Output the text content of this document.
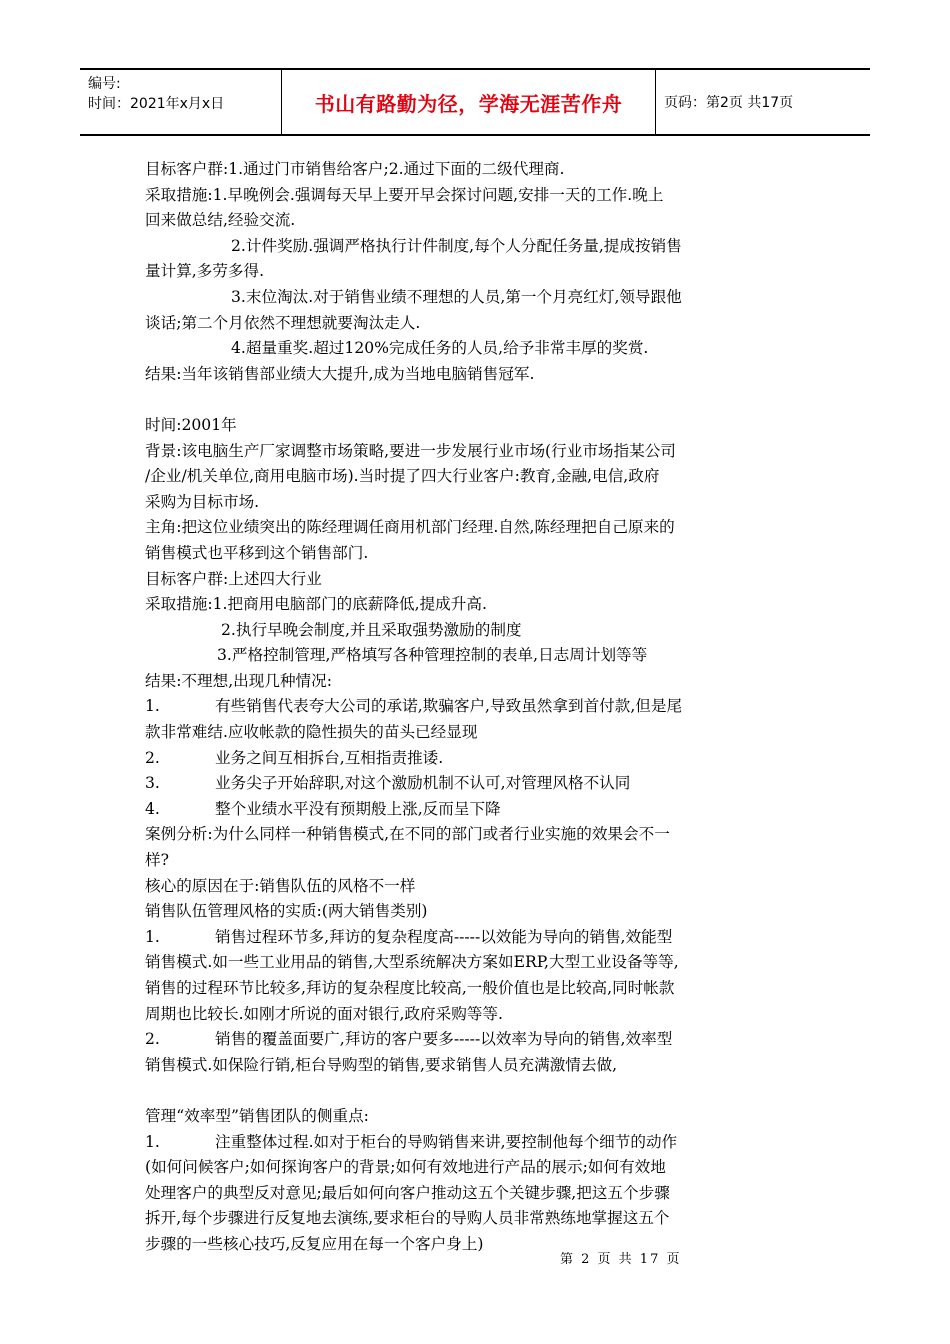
编号:
时间：2021年x月x日	书山有路勤为径，学海无涯苦作舟	页码：第2页 共17页
目标客户群:1.通过门市销售给客户;2.通过下面的二级代理商.
采取措施:1.早晚例会.强调每天早上要开早会探讨问题,安排一天的工作.晚上
回来做总结,经验交流.
2.计件奖励.强调严格执行计件制度,每个人分配任务量,提成按销售
量计算,多劳多得.
3.末位淘汰.对于销售业绩不理想的人员,第一个月亮红灯,领导跟他
谈话;第二个月依然不理想就要淘汰走人.
4.超量重奖.超过120%完成任务的人员,给予非常丰厚的奖赏.
结果:当年该销售部业绩大大提升,成为当地电脑销售冠军.
时间:2001年
背景:该电脑生产厂家调整市场策略,要进一步发展行业市场(行业市场指某公司
/企业/机关单位,商用电脑市场).当时提了四大行业客户:教育,金融,电信,政府
采购为目标市场.
主角:把这位业绩突出的陈经理调任商用机部门经理.自然,陈经理把自己原来的
销售模式也平移到这个销售部门.
目标客户群:上述四大行业
采取措施:1.把商用电脑部门的底薪降低,提成升高.
2.执行早晚会制度,并且采取强势激励的制度
3.严格控制管理,严格填写各种管理控制的表单,日志周计划等等
结果:不理想,出现几种情况:
1.	有些销售代表夸大公司的承诺,欺骗客户,导致虽然拿到首付款,但是尾
款非常难结.应收帐款的隐性损失的苗头已经显现
2.	业务之间互相拆台,互相指责推诿.
3.	业务尖子开始辞职,对这个激励机制不认可,对管理风格不认同
4.	整个业绩水平没有预期般上涨,反而呈下降
案例分析:为什么同样一种销售模式,在不同的部门或者行业实施的效果会不一
样?
核心的原因在于:销售队伍的风格不一样
销售队伍管理风格的实质:(两大销售类别)
1.	销售过程环节多,拜访的复杂程度高-----以效能为导向的销售,效能型
销售模式.如一些工业用品的销售,大型系统解决方案如ERP,大型工业设备等等,
销售的过程环节比较多,拜访的复杂程度比较高,一般价值也是比较高,同时帐款
周期也比较长.如刚才所说的面对银行,政府采购等等.
2.	销售的覆盖面要广,拜访的客户要多-----以效率为导向的销售,效率型
销售模式.如保险行销,柜台导购型的销售,要求销售人员充满激情去做,
管理“效率型”销售团队的侧重点:
1.	注重整体过程.如对于柜台的导购销售来讲,要控制他每个细节的动作
(如何问候客户;如何探询客户的背景;如何有效地进行产品的展示;如何有效地
处理客户的典型反对意见;最后如何向客户推动这五个关键步骤,把这五个步骤
拆开,每个步骤进行反复地去演练,要求柜台的导购人员非常熟练地掌握这五个
步骤的一些核心技巧,反复应用在每一个客户身上)
第 2 页 共 17 页
